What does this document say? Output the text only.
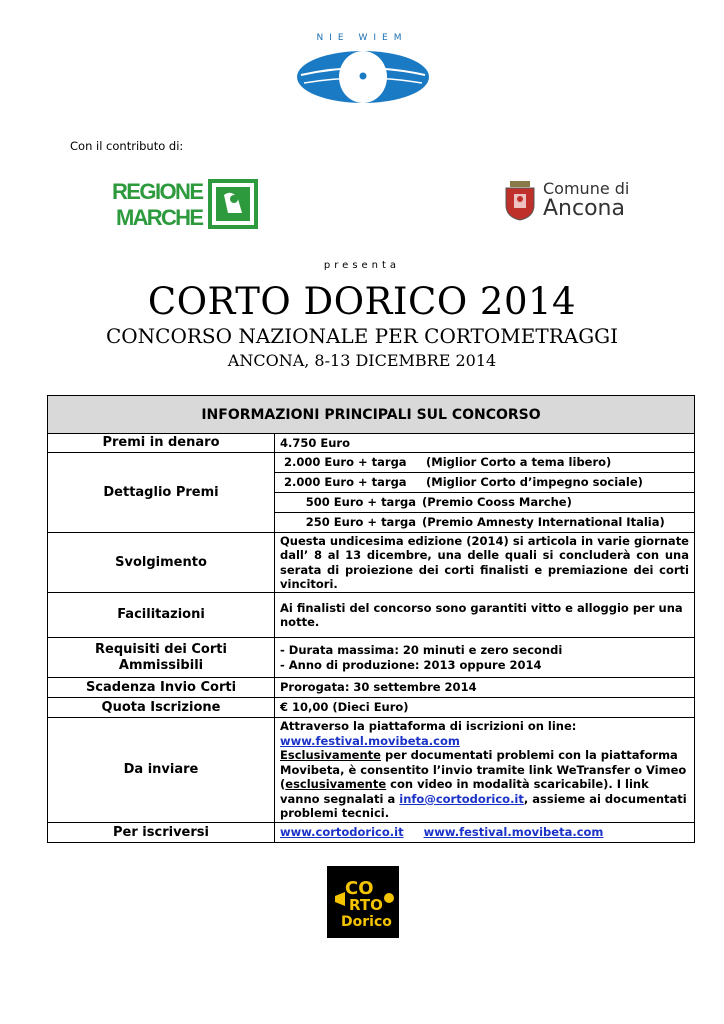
NIE WIEM
Con il contributo di:
REGIONE
MARCHE
Comune di
Ancona
presenta
CORTO DORICO 2014
CONCORSO NAZIONALE PER CORTOMETRAGGI
ANCONA, 8-13 DICEMBRE 2014
INFORMAZIONI PRINCIPALI SUL CONCORSO	
Premi in denaro	4.750 Euro
Dettaglio Premi	2.000 Euro + targa (Miglior Corto a tema libero)
	2.000 Euro + targa (Miglior Corto d’impegno sociale)
	500 Euro + targa (Premio Cooss Marche)
	250 Euro + targa (Premio Amnesty International Italia)
Svolgimento	Questa undicesima edizione (2014) si articola in varie giornate dall’ 8 al 13 dicembre, una delle quali si concluderà con una serata di proiezione dei corti finalisti e premiazione dei corti vincitori.
Facilitazioni	Ai finalisti del concorso sono garantiti vitto e alloggio per una notte.
Requisiti dei Corti Ammissibili	- Durata massima: 20 minuti e zero secondi
- Anno di produzione: 2013 oppure 2014

Scadenza Invio Corti	Prorogata: 30 settembre 2014
Quota Iscrizione	€ 10,00 (Dieci Euro)
Da inviare	Attraverso la piattaforma di iscrizioni on line:
www.festival.movibeta.com
Esclusivamente per documentati problemi con la piattaforma Movibeta, è consentito l’invio tramite link WeTransfer o Vimeo (esclusivamente con video in modalità scaricabile). I link vanno segnalati a info@cortodorico.it, assieme ai documentati problemi tecnici.
Per iscriversi	www.cortodorico.it www.festival.movibeta.com
CO
RTO
Dorico
